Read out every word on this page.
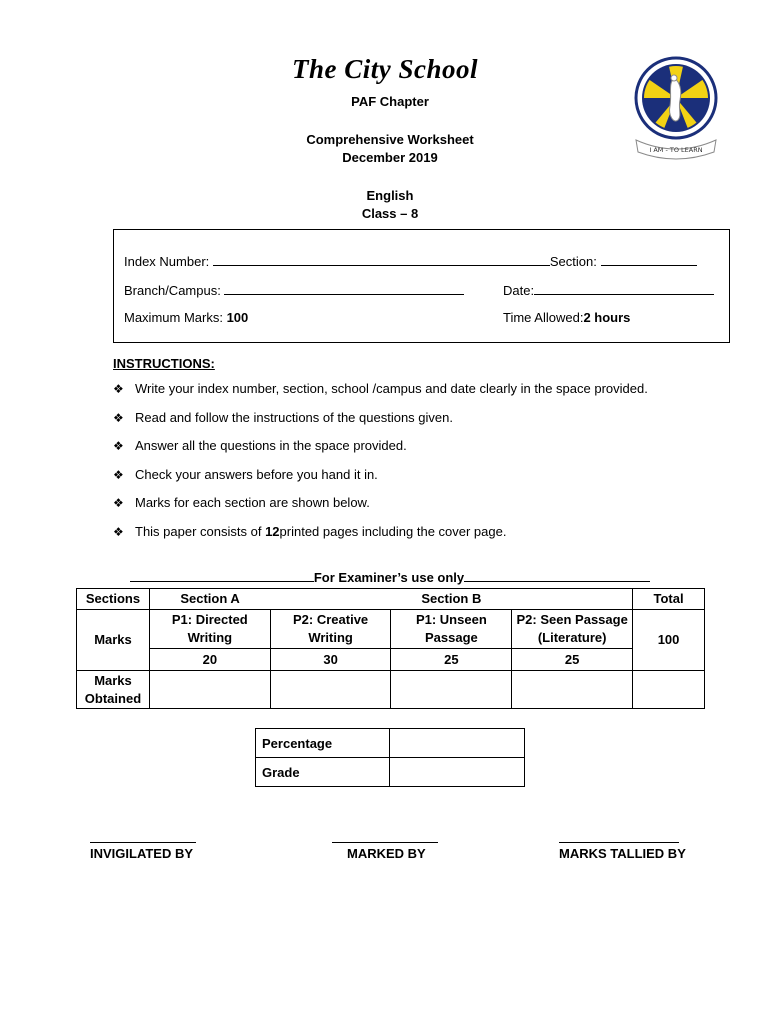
The City School
PAF Chapter
Comprehensive Worksheet
December 2019
English
Class – 8
I AM - TO LEARN
Index Number:	Section:
Branch/Campus:	Date:
Maximum Marks: 100	Time Allowed:2 hours
INSTRUCTIONS:
❖ Write your index number, section, school /campus and date clearly in the space provided.
❖ Read and follow the instructions of the questions given.
❖ Answer all the questions in the space provided.
❖ Check your answers before you hand it in.
❖ Marks for each section are shown below.
❖ This paper consists of 12printed pages including the cover page.
For Examiner’s use only
Sections	Section A		Section B		Total
Marks	P1: Directed Writing	P2: Creative Writing	P1: Unseen Passage	P2: Seen Passage (Literature)	100
	20	30	25	25	
Marks Obtained					
Percentage	
Grade	
INVIGILATED BY	MARKED BY	MARKS TALLIED BY
